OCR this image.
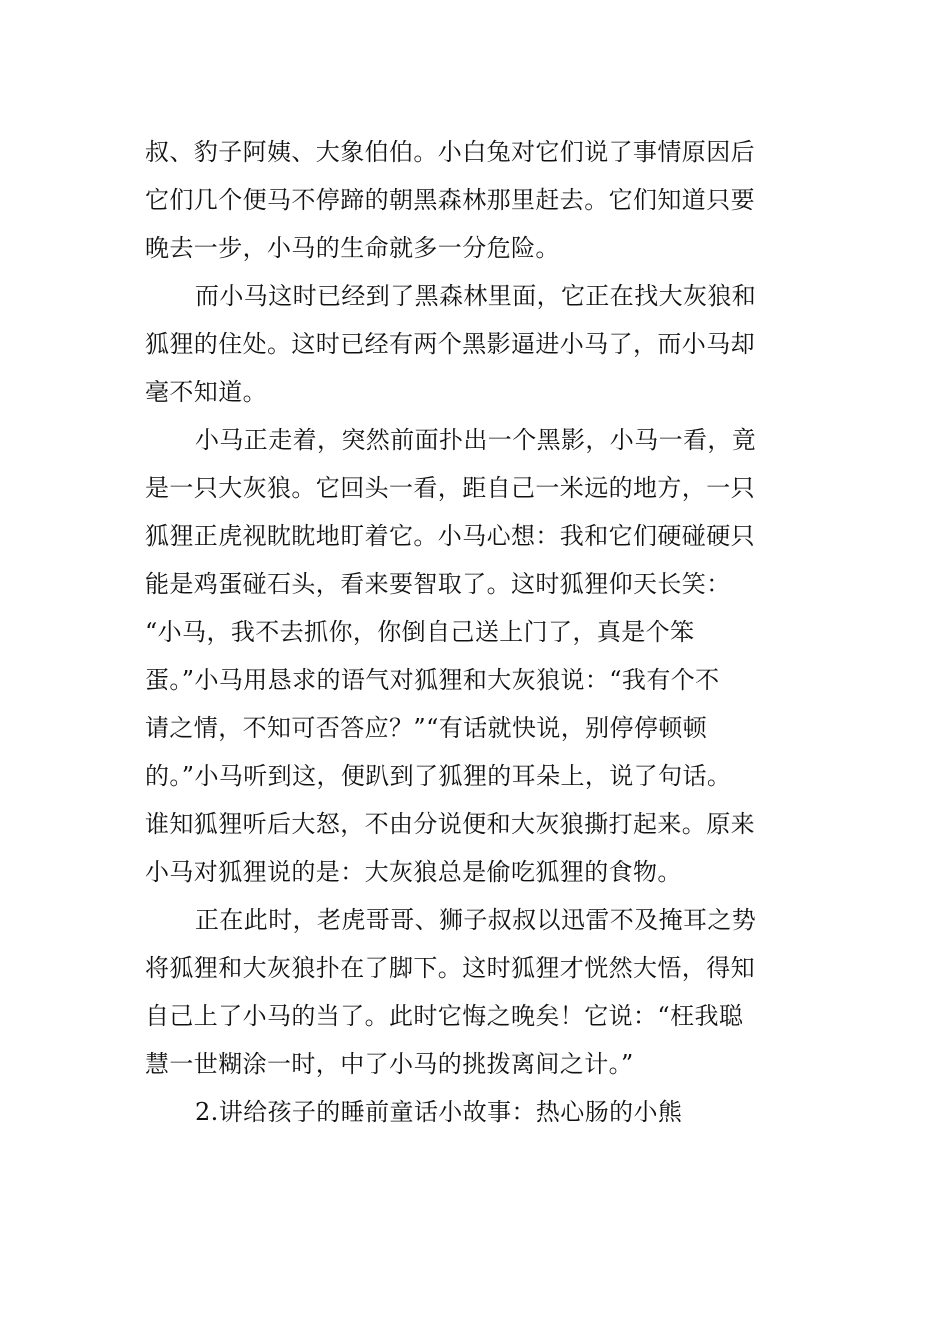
叔、豹子阿姨、大象伯伯。小白兔对它们说了事情原因后
它们几个便马不停蹄的朝黑森林那里赶去。它们知道只要
晚去一步，小马的生命就多一分危险。
而小马这时已经到了黑森林里面，它正在找大灰狼和
狐狸的住处。这时已经有两个黑影逼进小马了，而小马却
毫不知道。
小马正走着，突然前面扑出一个黑影，小马一看，竟
是一只大灰狼。它回头一看，距自己一米远的地方，一只
狐狸正虎视眈眈地盯着它。小马心想：我和它们硬碰硬只
能是鸡蛋碰石头，看来要智取了。这时狐狸仰天长笑：
“小马，我不去抓你，你倒自己送上门了，真是个笨
蛋。”小马用恳求的语气对狐狸和大灰狼说：“我有个不
请之情，不知可否答应？”“有话就快说，别停停顿顿
的。”小马听到这，便趴到了狐狸的耳朵上，说了句话。
谁知狐狸听后大怒，不由分说便和大灰狼撕打起来。原来
小马对狐狸说的是：大灰狼总是偷吃狐狸的食物。
正在此时，老虎哥哥、狮子叔叔以迅雷不及掩耳之势
将狐狸和大灰狼扑在了脚下。这时狐狸才恍然大悟，得知
自己上了小马的当了。此时它悔之晚矣！它说：“枉我聪
慧一世糊涂一时，中了小马的挑拨离间之计。”
2.讲给孩子的睡前童话小故事：热心肠的小熊
